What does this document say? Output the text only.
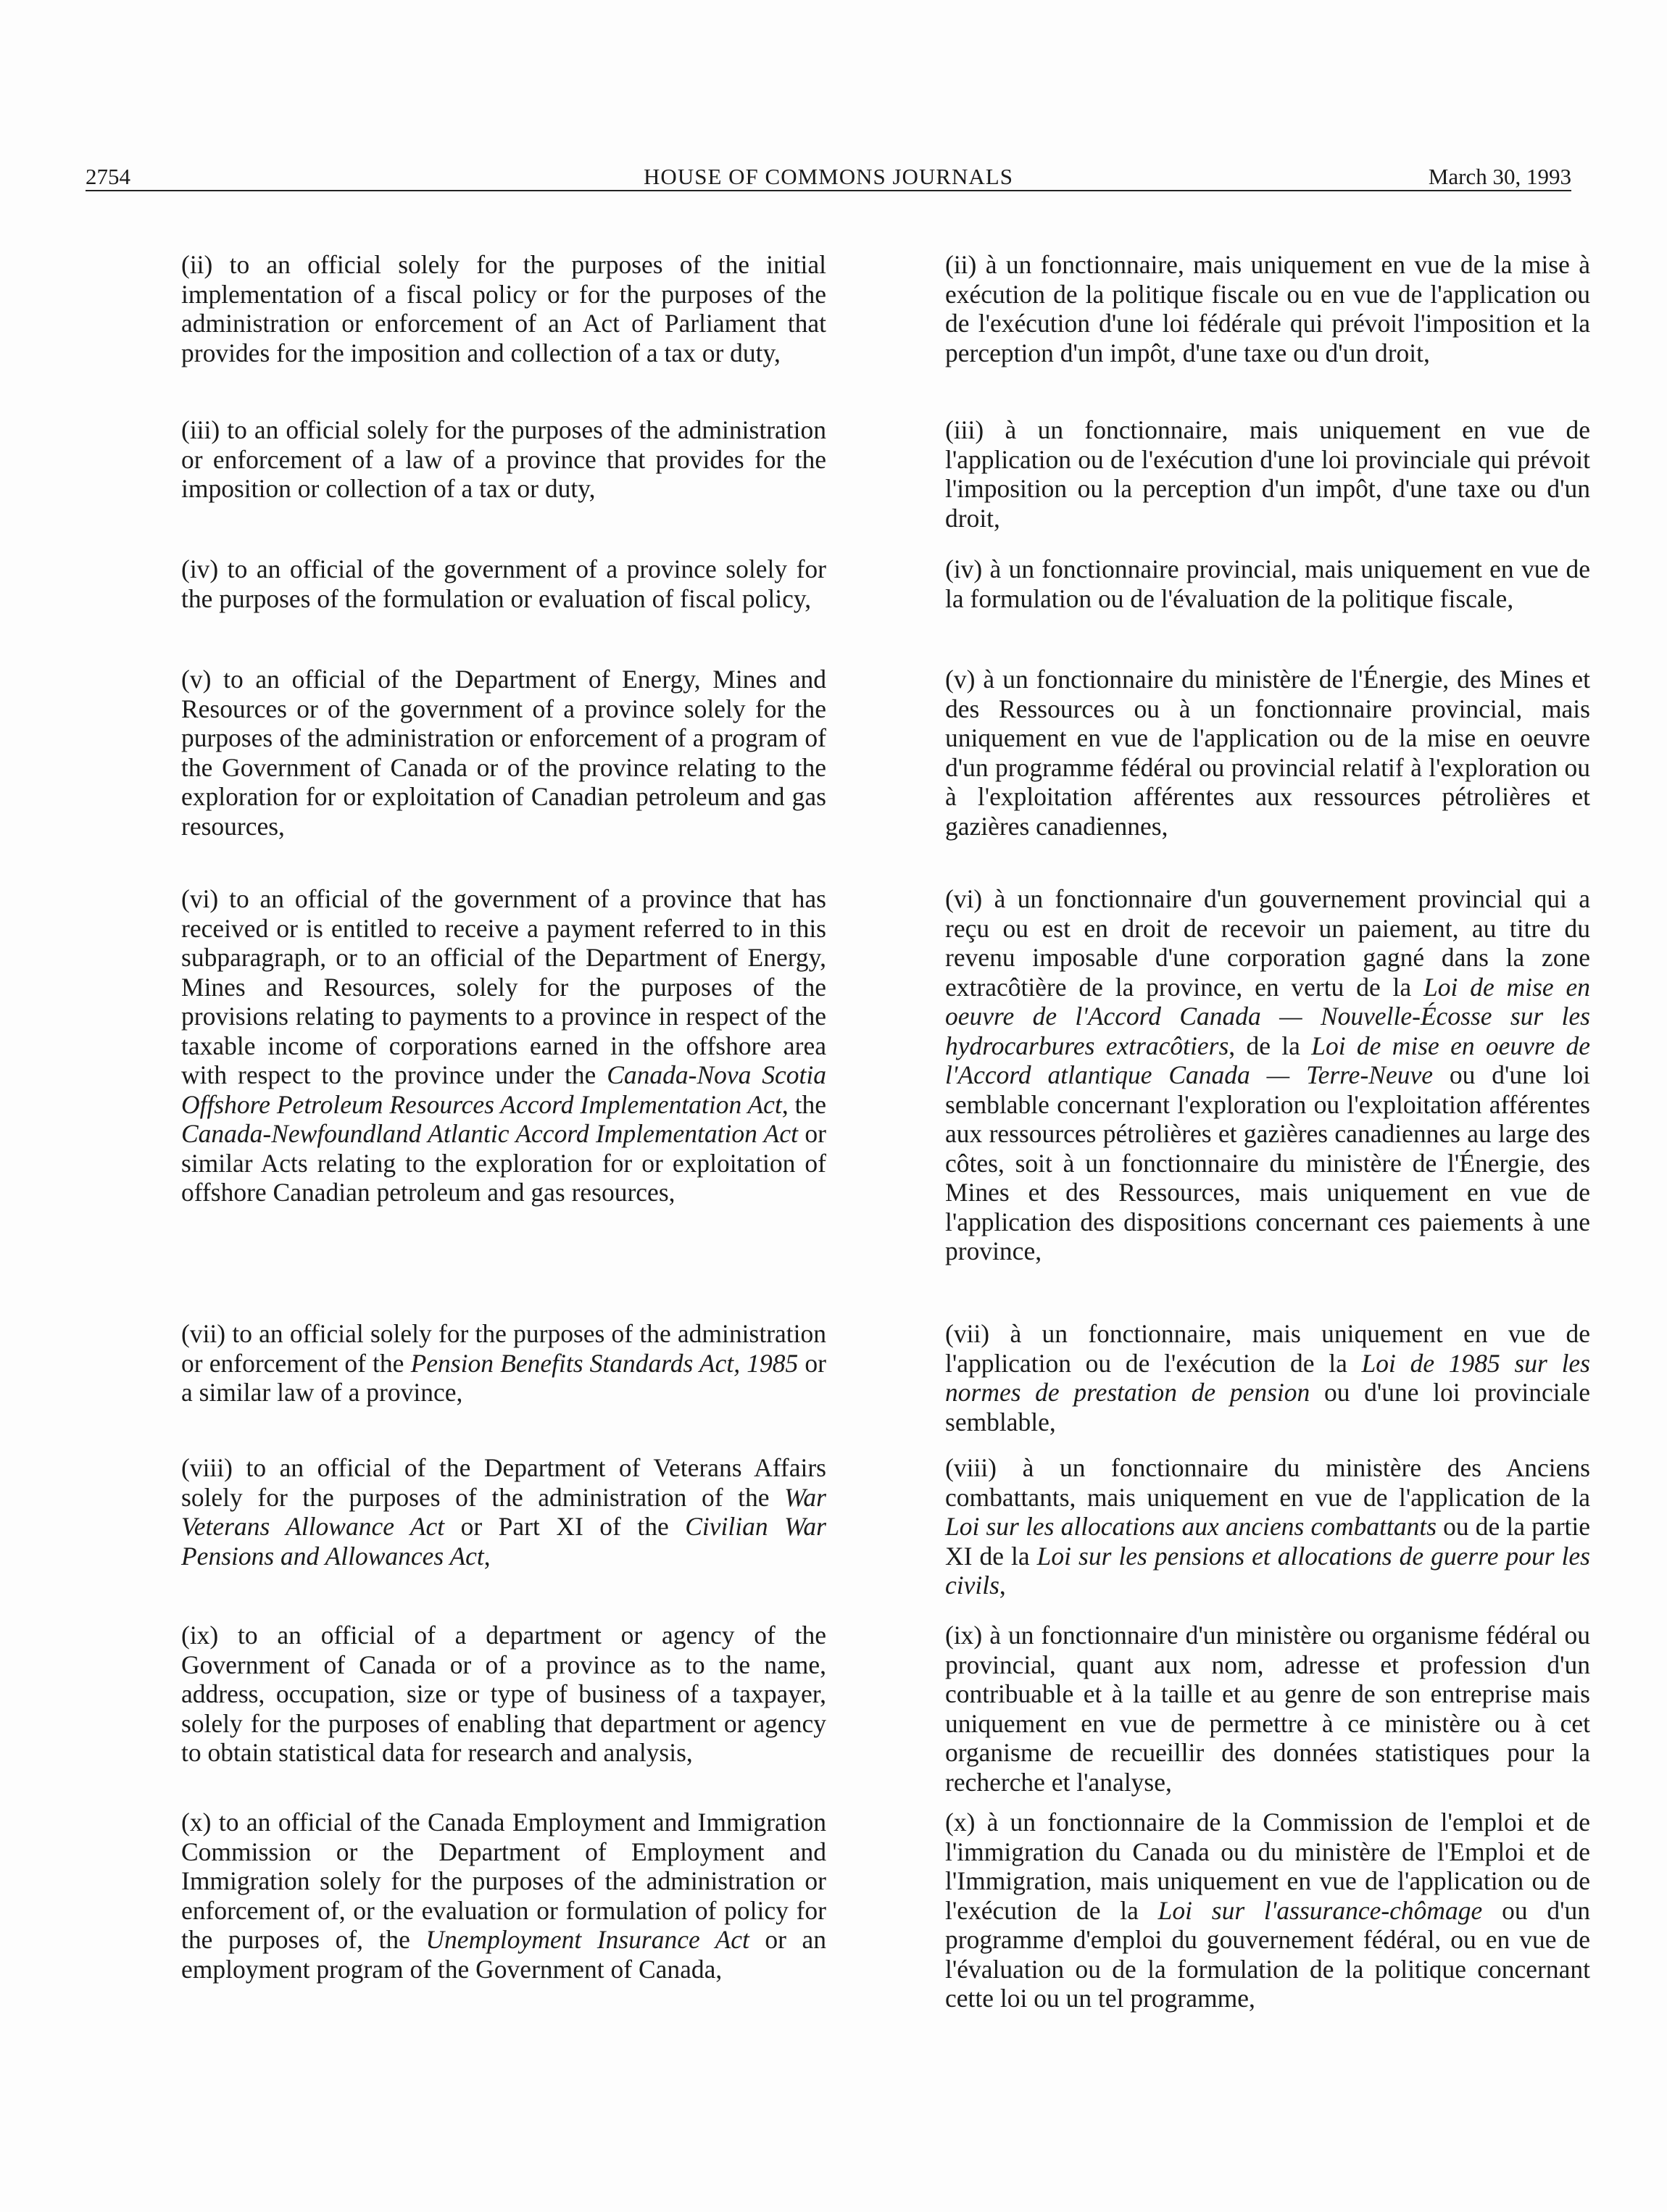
2754	HOUSE OF COMMONS JOURNALS	March 30, 1993

(ii) to an official solely for the purposes of the initial implementation of a fiscal policy or for the purposes of the administration or enforcement of an Act of Parliament that provides for the imposition and collection of a tax or duty,

(iii) to an official solely for the purposes of the administration or enforcement of a law of a province that provides for the imposition or collection of a tax or duty,

(iv) to an official of the government of a province solely for the purposes of the formulation or evaluation of fiscal policy,

(v) to an official of the Department of Energy, Mines and Resources or of the government of a province solely for the purposes of the administration or enforcement of a program of the Government of Canada or of the province relating to the exploration for or exploitation of Canadian petroleum and gas resources,

(vi) to an official of the government of a province that has received or is entitled to receive a payment referred to in this subparagraph, or to an official of the Department of Energy, Mines and Resources, solely for the purposes of the provisions relating to payments to a province in respect of the taxable income of corporations earned in the offshore area with respect to the province under the Canada-Nova Scotia Offshore Petroleum Resources Accord Implementation Act, the Canada-Newfoundland Atlantic Accord Implementation Act or similar Acts relating to the exploration for or exploitation of offshore Canadian petroleum and gas resources,

(vii) to an official solely for the purposes of the administration or enforcement of the Pension Benefits Standards Act, 1985 or a similar law of a province,

(viii) to an official of the Department of Veterans Affairs solely for the purposes of the administration of the War Veterans Allowance Act or Part XI of the Civilian War Pensions and Allowances Act,

(ix) to an official of a department or agency of the Government of Canada or of a province as to the name, address, occupation, size or type of business of a taxpayer, solely for the purposes of enabling that department or agency to obtain statistical data for research and analysis,

(x) to an official of the Canada Employment and Immigration Commission or the Department of Employment and Immigration solely for the purposes of the administration or enforcement of, or the evaluation or formulation of policy for the purposes of, the Unemployment Insurance Act or an employment program of the Government of Canada,

(ii) à un fonctionnaire, mais uniquement en vue de la mise à exécution de la politique fiscale ou en vue de l'application ou de l'exécution d'une loi fédérale qui prévoit l'imposition et la perception d'un impôt, d'une taxe ou d'un droit,

(iii) à un fonctionnaire, mais uniquement en vue de l'application ou de l'exécution d'une loi provinciale qui prévoit l'imposition ou la perception d'un impôt, d'une taxe ou d'un droit,

(iv) à un fonctionnaire provincial, mais uniquement en vue de la formulation ou de l'évaluation de la politique fiscale,

(v) à un fonctionnaire du ministère de l'Énergie, des Mines et des Ressources ou à un fonctionnaire provincial, mais uniquement en vue de l'application ou de la mise en oeuvre d'un programme fédéral ou provincial relatif à l'exploration ou à l'exploitation afférentes aux ressources pétrolières et gazières canadiennes,

(vi) à un fonctionnaire d'un gouvernement provincial qui a reçu ou est en droit de recevoir un paiement, au titre du revenu imposable d'une corporation gagné dans la zone extracôtière de la province, en vertu de la Loi de mise en oeuvre de l'Accord Canada — Nouvelle-Écosse sur les hydrocarbures extracôtiers, de la Loi de mise en oeuvre de l'Accord atlantique Canada — Terre-Neuve ou d'une loi semblable concernant l'exploration ou l'exploitation afférentes aux ressources pétrolières et gazières canadiennes au large des côtes, soit à un fonctionnaire du ministère de l'Énergie, des Mines et des Ressources, mais uniquement en vue de l'application des dispositions concernant ces paiements à une province,

(vii) à un fonctionnaire, mais uniquement en vue de l'application ou de l'exécution de la Loi de 1985 sur les normes de prestation de pension ou d'une loi provinciale semblable,

(viii) à un fonctionnaire du ministère des Anciens combattants, mais uniquement en vue de l'application de la Loi sur les allocations aux anciens combattants ou de la partie XI de la Loi sur les pensions et allocations de guerre pour les civils,

(ix) à un fonctionnaire d'un ministère ou organisme fédéral ou provincial, quant aux nom, adresse et profession d'un contribuable et à la taille et au genre de son entreprise mais uniquement en vue de permettre à ce ministère ou à cet organisme de recueillir des données statistiques pour la recherche et l'analyse,

(x) à un fonctionnaire de la Commission de l'emploi et de l'immigration du Canada ou du ministère de l'Emploi et de l'Immigration, mais uniquement en vue de l'application ou de l'exécution de la Loi sur l'assurance-chômage ou d'un programme d'emploi du gouvernement fédéral, ou en vue de l'évaluation ou de la formulation de la politique concernant cette loi ou un tel programme,
